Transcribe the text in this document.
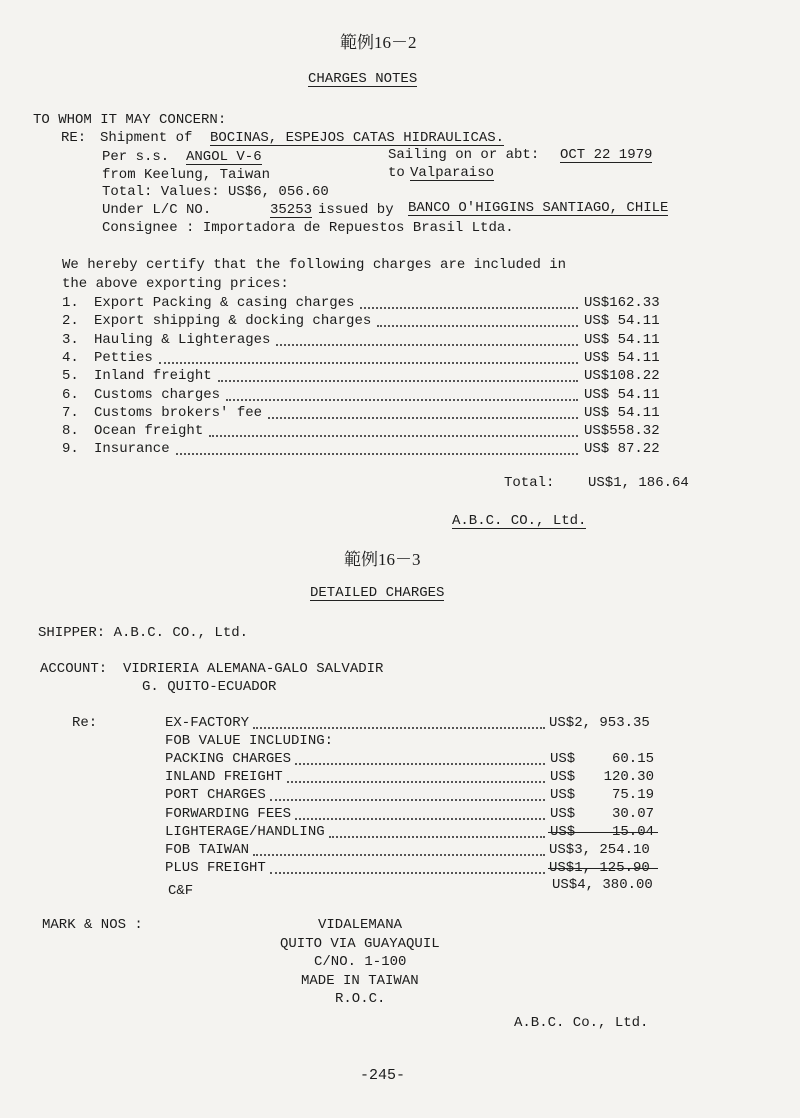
範例16－2
CHARGES NOTES
TO WHOM IT MAY CONCERN:
RE: Shipment of BOCINAS, ESPEJOS CATAS HIDRAULICAS.
Per s.s. ANGOL V-6	Sailing on or abt: OCT 22 1979
from Keelung, Taiwan	to Valparaiso
Total: Values: US$6, 056.60
Under L/C NO.	35253 issued by BANCO O'HIGGINS SANTIAGO, CHILE
Consignee : Importadora de Repuestos Brasil Ltda.
We hereby certify that the following charges are included in
the above exporting prices:
1. Export Packing & casing charges	US$162.33
2. Export shipping & docking charges	US$ 54.11
3. Hauling & Lighterages	US$ 54.11
4. Petties	US$ 54.11
5. Inland freight	US$108.22
6. Customs charges	US$ 54.11
7. Customs brokers' fee	US$ 54.11
8. Ocean freight	US$558.32
9. Insurance	US$ 87.22
Total: US$1, 186.64
A.B.C. CO., Ltd.
範例16－3
DETAILED CHARGES
SHIPPER: A.B.C. CO., Ltd.
ACCOUNT: VIDRIERIA ALEMANA-GALO SALVADIR
G. QUITO-ECUADOR
Re:	EX-FACTORY	US$2, 953.35
PACKING CHARGES	US$	60.15
INLAND FREIGHT	US$	120.30
PORT CHARGES	US$	75.19
FORWARDING FEES	US$	30.07
LIGHTERAGE/HANDLING	US$	15.04
FOB TAIWAN	US$3, 254.10
PLUS FREIGHT	US$1, 125.90
FOB VALUE INCLUDING:
C&F	US$4, 380.00
MARK & NOS :	VIDALEMANA
QUITO VIA GUAYAQUIL
C/NO. 1-100
MADE IN TAIWAN
R.O.C.
A.B.C. Co., Ltd.
-245-
